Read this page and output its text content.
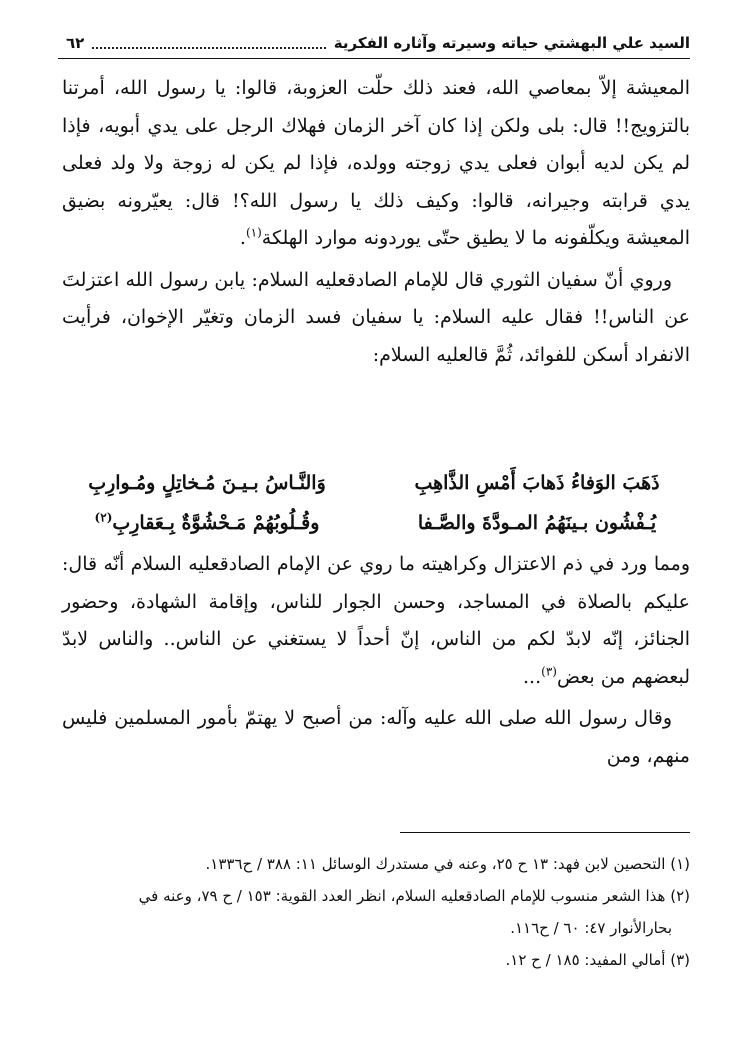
السيد علي البهشتي حياته وسيرته وآثاره الفكرية
٦٢

المعيشة إلاّ بمعاصي الله، فعند ذلك حلّت العزوبة، قالوا: يا رسول الله، أمرتنا بالتزويج!! قال: بلى ولكن إذا كان آخر الزمان فهلاك الرجل على يدي أبويه، فإذا لم يكن لديه أبوان فعلى يدي زوجته وولده، فإذا لم يكن له زوجة ولا ولد فعلى يدي قرابته وجيرانه، قالوا: وكيف ذلك يا رسول الله؟! قال: يعيّرونه بضيق المعيشة ويكلّفونه ما لا يطيق حتّى يوردونه موارد الهلكة$^{(١)}$.

وروي أنّ سفيان الثوري قال للإمام الصادقعليه السلام: يابن رسول الله اعتزلتَ عن الناس!! فقال عليه السلام: يا سفيان فسد الزمان وتغيّر الإخوان، فرأيت الانفراد أسكن للفوائد، ثُمَّ قالعليه السلام:

ذَهَبَ الوَفاءُ ذَهابَ أَمْسِ الذَّاهِبِ
وَالنَّـاسُ بـيـنَ مُـخاتِلٍ ومُـوارِبِ
يُـفْشُون بـينَهُمُ المـودَّةَ والصَّـفا
وقُـلُوبُهُمْ مَـحْشُوَّةٌ بِـعَقارِبِ$^{(٢)}$

ومما ورد في ذم الاعتزال وكراهيته ما روي عن الإمام الصادقعليه السلام أنّه قال: عليكم بالصلاة في المساجد، وحسن الجوار للناس، وإقامة الشهادة، وحضور الجنائز، إنّه لابدّ لكم من الناس، إنّ أحداً لا يستغني عن الناس.. والناس لابدّ لبعضهم من بعض$^{(٣)}$...

وقال رسول الله صلى الله عليه وآله: من أصبح لا يهتمّ بأمور المسلمين فليس منهم، ومن

(١) التحصين لابن فهد: ١٣ ح ٢٥، وعنه في مستدرك الوسائل ١١: ٣٨٨ / ح١٣٣٦.

(٢) هذا الشعر منسوب للإمام الصادقعليه السلام، انظر العدد القوية: ١٥٣ / ح ٧٩، وعنه في

بحارالأنوار ٤٧: ٦٠ / ح١١٦.

(٣) أمالي المفيد: ١٨٥ / ح ١٢.
